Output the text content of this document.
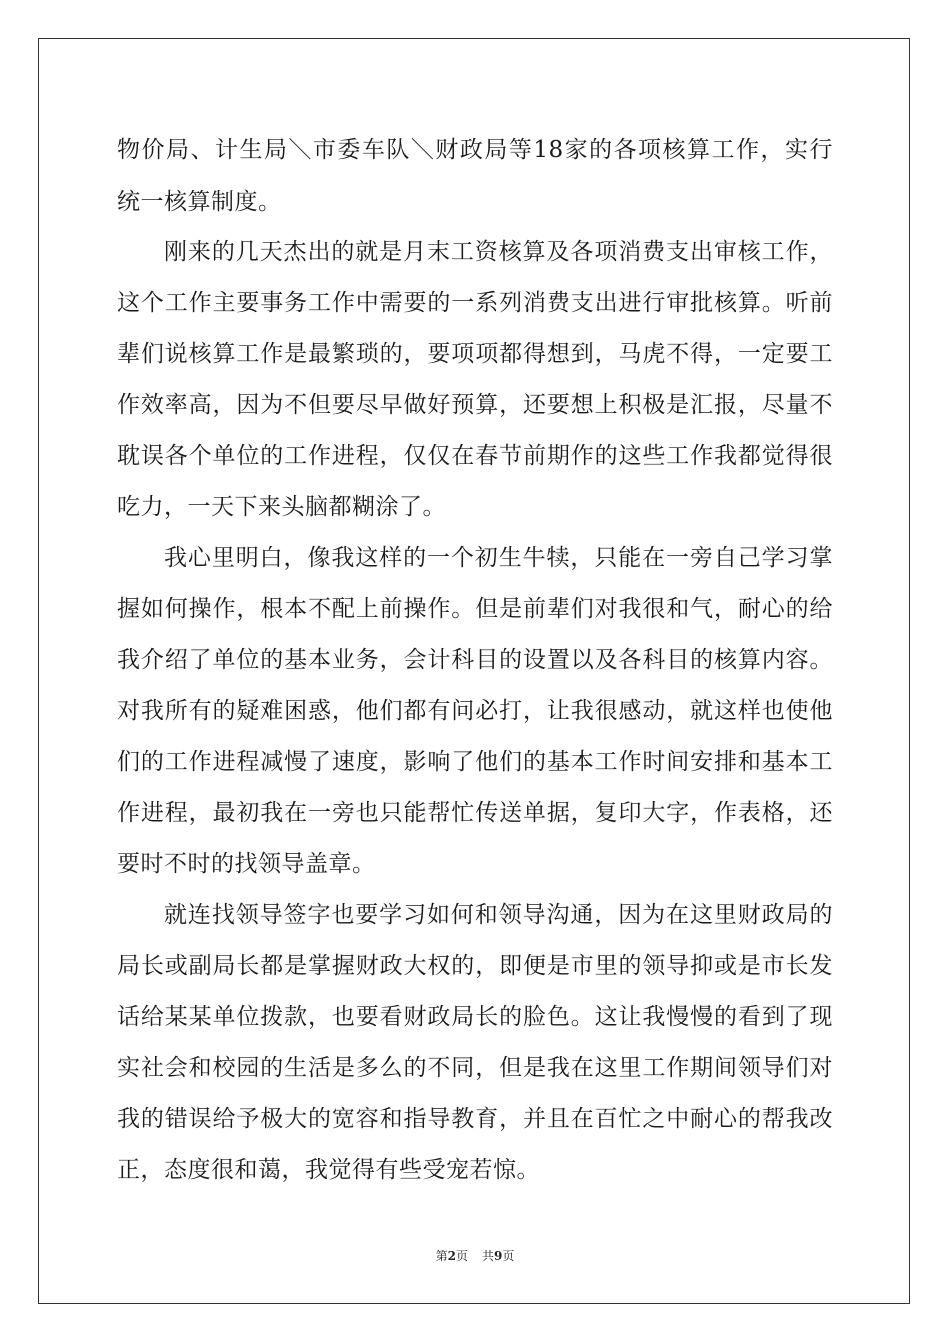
物价局、计生局＼市委车队＼财政局等18家的各项核算工作，实行
统一核算制度。
刚来的几天杰出的就是月末工资核算及各项消费支出审核工作，
这个工作主要事务工作中需要的一系列消费支出进行审批核算。听前
辈们说核算工作是最繁琐的，要项项都得想到，马虎不得，一定要工
作效率高，因为不但要尽早做好预算，还要想上积极是汇报，尽量不
耽误各个单位的工作进程，仅仅在春节前期作的这些工作我都觉得很
吃力，一天下来头脑都糊涂了。
我心里明白，像我这样的一个初生牛犊，只能在一旁自己学习掌
握如何操作，根本不配上前操作。但是前辈们对我很和气，耐心的给
我介绍了单位的基本业务，会计科目的设置以及各科目的核算内容。
对我所有的疑难困惑，他们都有问必打，让我很感动，就这样也使他
们的工作进程减慢了速度，影响了他们的基本工作时间安排和基本工
作进程，最初我在一旁也只能帮忙传送单据，复印大字，作表格，还
要时不时的找领导盖章。
就连找领导签字也要学习如何和领导沟通，因为在这里财政局的
局长或副局长都是掌握财政大权的，即便是市里的领导抑或是市长发
话给某某单位拨款，也要看财政局长的脸色。这让我慢慢的看到了现
实社会和校园的生活是多么的不同，但是我在这里工作期间领导们对
我的错误给予极大的宽容和指导教育，并且在百忙之中耐心的帮我改
正，态度很和蔼，我觉得有些受宠若惊。
第2页 共9页
